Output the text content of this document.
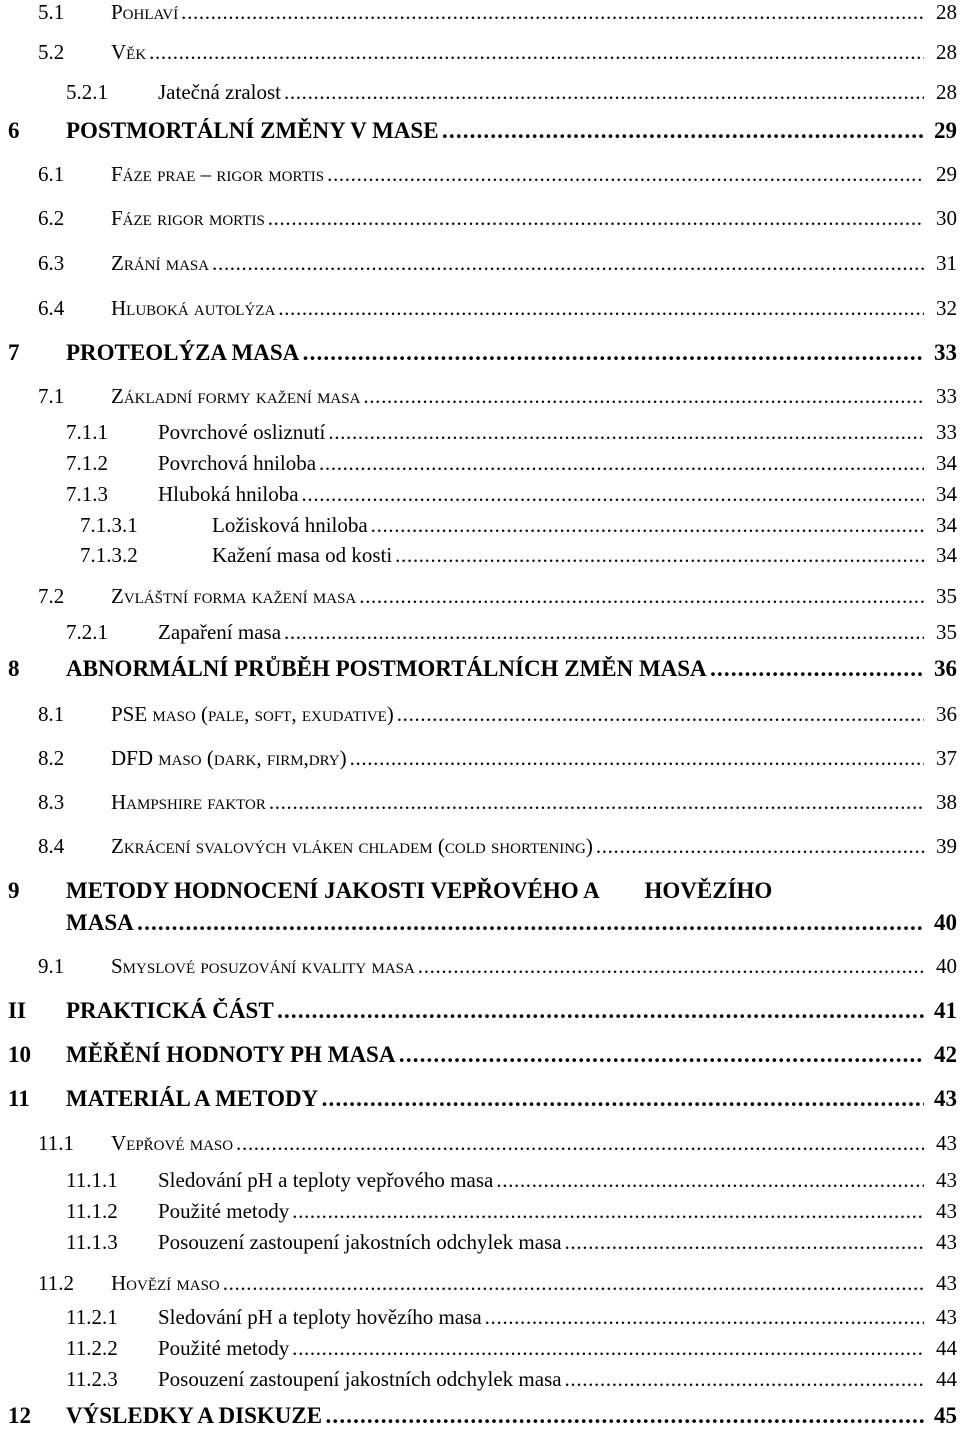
5.1 Pohlaví . . .	28
5.2 Věk . . .	28
5.2.1 Jatečná zralost . . .	28
6 POSTMORTÁLNÍ ZMĚNY V MASE . . .	29
6.1 Fáze prae – rigor mortis . . .	29
6.2 Fáze rigor mortis . . .	30
6.3 Zrání masa . . .	31
6.4 Hluboká autolýza . . .	32
7 PROTEOLÝZA MASA . . .	33
7.1 Základní formy kažení masa . . .	33
7.1.1 Povrchové osliznutí . . .	33
7.1.2 Povrchová hniloba . . .	34
7.1.3 Hluboká hniloba . . .	34
7.1.3.1	Ložisková hniloba . . .	34
7.1.3.2	Kažení masa od kosti . . .	34
7.2 Zvláštní forma kažení masa . . .	35
7.2.1 Zapaření masa . . .	35
8 ABNORMÁLNÍ PRŮBĚH POSTMORTÁLNÍCH ZMĚN MASA . . .	36
8.1 PSE maso (pale, soft, exudative) . . .	36
8.2 DFD maso (dark, firm,dry) . . .	37
8.3 Hampshire faktor . . .	38
8.4 Zkrácení svalových vláken chladem (cold shortening) . . .	39
9 METODY HODNOCENÍ JAKOSTI VEPŘOVÉHO A        HOVĚZÍHO
MASA . . .	40
9.1 Smyslové posuzování kvality masa . . .	40
II PRAKTICKÁ ČÁST . . .	41
10 MĚŘĚNÍ HODNOTY PH MASA . . .	42
11 MATERIÁL A METODY . . .	43
11.1 Vepřové maso . . .	43
11.1.1 Sledování pH a teploty vepřového masa . . .	43
11.1.2 Použité metody . . .	43
11.1.3 Posouzení zastoupení jakostních odchylek masa . . .	43
11.2 Hovězí maso . . .	43
11.2.1 Sledování pH a teploty hovězího masa . . .	43
11.2.2 Použité metody . . .	44
11.2.3 Posouzení zastoupení jakostních odchylek masa . . .	44
12 VÝSLEDKY A DISKUZE . . .	45
